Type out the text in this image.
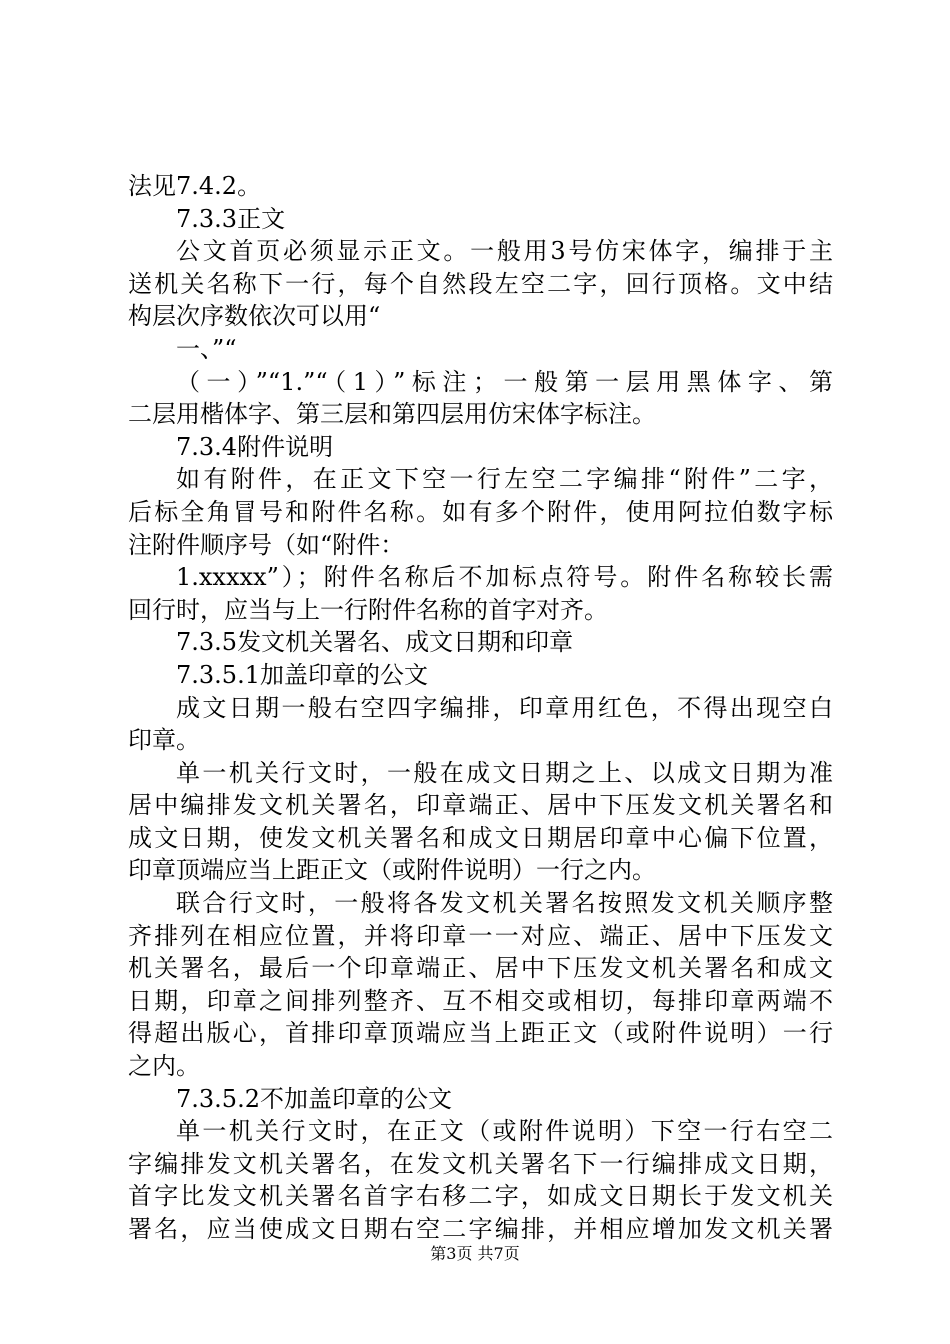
法见7.4.2。
7.3.3正文
公文首页必须显示正文。一般用3号仿宋体字，编排于主
送机关名称下一行，每个自然段左空二字，回行顶格。文中结
构层次序数依次可以用“
一、”“
（一）”“1.”“（1）”标注；一般第一层用黑体字、第
二层用楷体字、第三层和第四层用仿宋体字标注。
7.3.4附件说明
如有附件，在正文下空一行左空二字编排“附件”二字，
后标全角冒号和附件名称。如有多个附件，使用阿拉伯数字标
注附件顺序号（如“附件：
1.xxxxx”）；附件名称后不加标点符号。附件名称较长需
回行时，应当与上一行附件名称的首字对齐。
7.3.5发文机关署名、成文日期和印章
7.3.5.1加盖印章的公文
成文日期一般右空四字编排，印章用红色，不得出现空白
印章。
单一机关行文时，一般在成文日期之上、以成文日期为准
居中编排发文机关署名，印章端正、居中下压发文机关署名和
成文日期，使发文机关署名和成文日期居印章中心偏下位置，
印章顶端应当上距正文（或附件说明）一行之内。
联合行文时，一般将各发文机关署名按照发文机关顺序整
齐排列在相应位置，并将印章一一对应、端正、居中下压发文
机关署名，最后一个印章端正、居中下压发文机关署名和成文
日期，印章之间排列整齐、互不相交或相切，每排印章两端不
得超出版心，首排印章顶端应当上距正文（或附件说明）一行
之内。
7.3.5.2不加盖印章的公文
单一机关行文时，在正文（或附件说明）下空一行右空二
字编排发文机关署名，在发文机关署名下一行编排成文日期，
首字比发文机关署名首字右移二字，如成文日期长于发文机关
署名，应当使成文日期右空二字编排，并相应增加发文机关署
第3页 共7页
